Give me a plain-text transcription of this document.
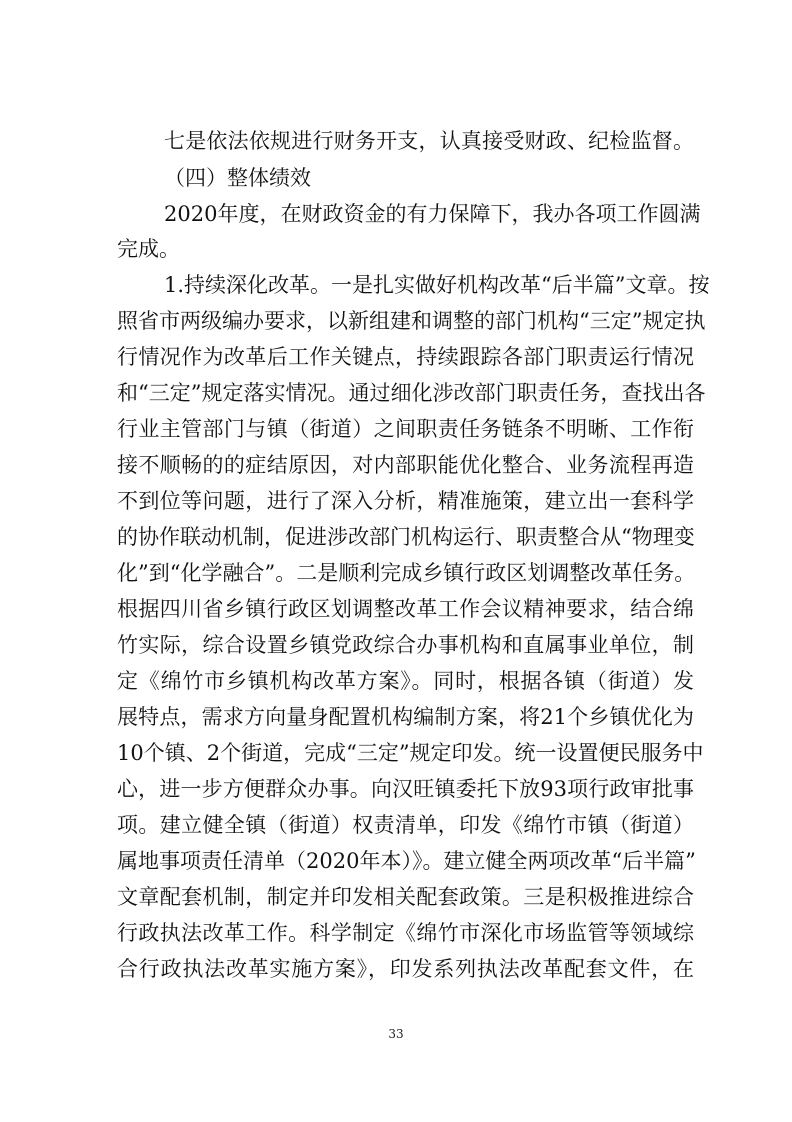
七是依法依规进行财务开支，认真接受财政、纪检监督。
（四）整体绩效
2020年度，在财政资金的有力保障下，我办各项工作圆满
完成。
1.持续深化改革。一是扎实做好机构改革“后半篇”文章。按
照省市两级编办要求，以新组建和调整的部门机构“三定”规定执
行情况作为改革后工作关键点，持续跟踪各部门职责运行情况
和“三定”规定落实情况。通过细化涉改部门职责任务，查找出各
行业主管部门与镇（街道）之间职责任务链条不明晰、工作衔
接不顺畅的的症结原因，对内部职能优化整合、业务流程再造
不到位等问题，进行了深入分析，精准施策，建立出一套科学
的协作联动机制，促进涉改部门机构运行、职责整合从“物理变
化”到“化学融合”。二是顺利完成乡镇行政区划调整改革任务。
根据四川省乡镇行政区划调整改革工作会议精神要求，结合绵
竹实际，综合设置乡镇党政综合办事机构和直属事业单位，制
定《绵竹市乡镇机构改革方案》。同时，根据各镇（街道）发
展特点，需求方向量身配置机构编制方案，将21个乡镇优化为
10个镇、2个街道，完成“三定”规定印发。统一设置便民服务中
心，进一步方便群众办事。向汉旺镇委托下放93项行政审批事
项。建立健全镇（街道）权责清单，印发《绵竹市镇（街道）
属地事项责任清单（2020年本）》。建立健全两项改革“后半篇”
文章配套机制，制定并印发相关配套政策。三是积极推进综合
行政执法改革工作。科学制定《绵竹市深化市场监管等领域综
合行政执法改革实施方案》，印发系列执法改革配套文件，在
33
